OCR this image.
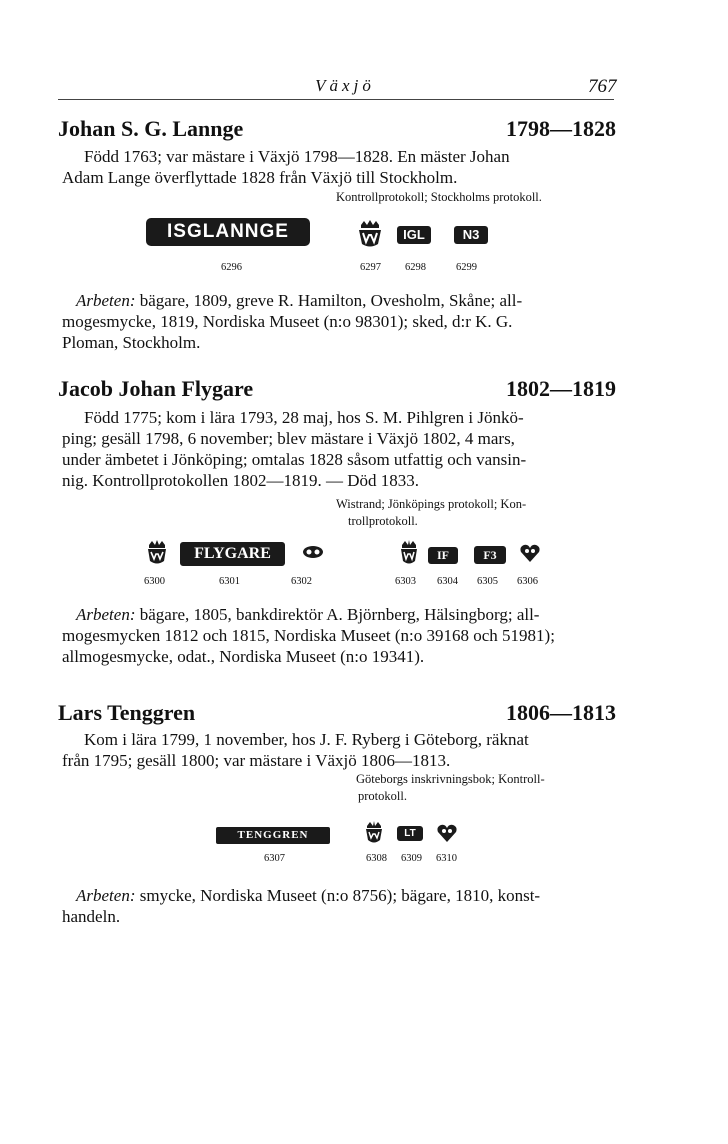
Växjö	767
Johan S. G. Lannge	1798—1828

Född 1763; var mästare i Växjö 1798—1828. En mäster Johan
Adam Lange överflyttade 1828 från Växjö till Stockholm.

Kontrollprotokoll; Stockholms protokoll.
ISGLANNGE	IGL	N3
6296	6297 6298	6299

Arbeten: bägare, 1809, greve R. Hamilton, Ovesholm, Skåne; all-
mogesmycke, 1819, Nordiska Museet (n:o 98301); sked, d:r K. G.
Ploman, Stockholm.

Jacob Johan Flygare	1802—1819

Född 1775; kom i lära 1793, 28 maj, hos S. M. Pihlgren i Jönkö-
ping; gesäll 1798, 6 november; blev mästare i Växjö 1802, 4 mars,
under ämbetet i Jönköping; omtalas 1828 såsom utfattig och vansin-
nig. Kontrollprotokollen 1802—1819. — Död 1833.

Wistrand; Jönköpings protokoll; Kon-
trollprotokoll.
FLYGARE	IF	F3
6300	6301	6302	6303 6304 6305 6306

Arbeten: bägare, 1805, bankdirektör A. Björnberg, Hälsingborg; all-
mogesmycken 1812 och 1815, Nordiska Museet (n:o 39168 och 51981);
allmogesmycke, odat., Nordiska Museet (n:o 19341).

Lars Tenggren	1806—1813

Kom i lära 1799, 1 november, hos J. F. Ryberg i Göteborg, räknat
från 1795; gesäll 1800; var mästare i Växjö 1806—1813.

Göteborgs inskrivningsbok; Kontroll-
protokoll.
TENGGREN	LT
6307	6308 6309 6310

Arbeten: smycke, Nordiska Museet (n:o 8756); bägare, 1810, konst-
handeln.
